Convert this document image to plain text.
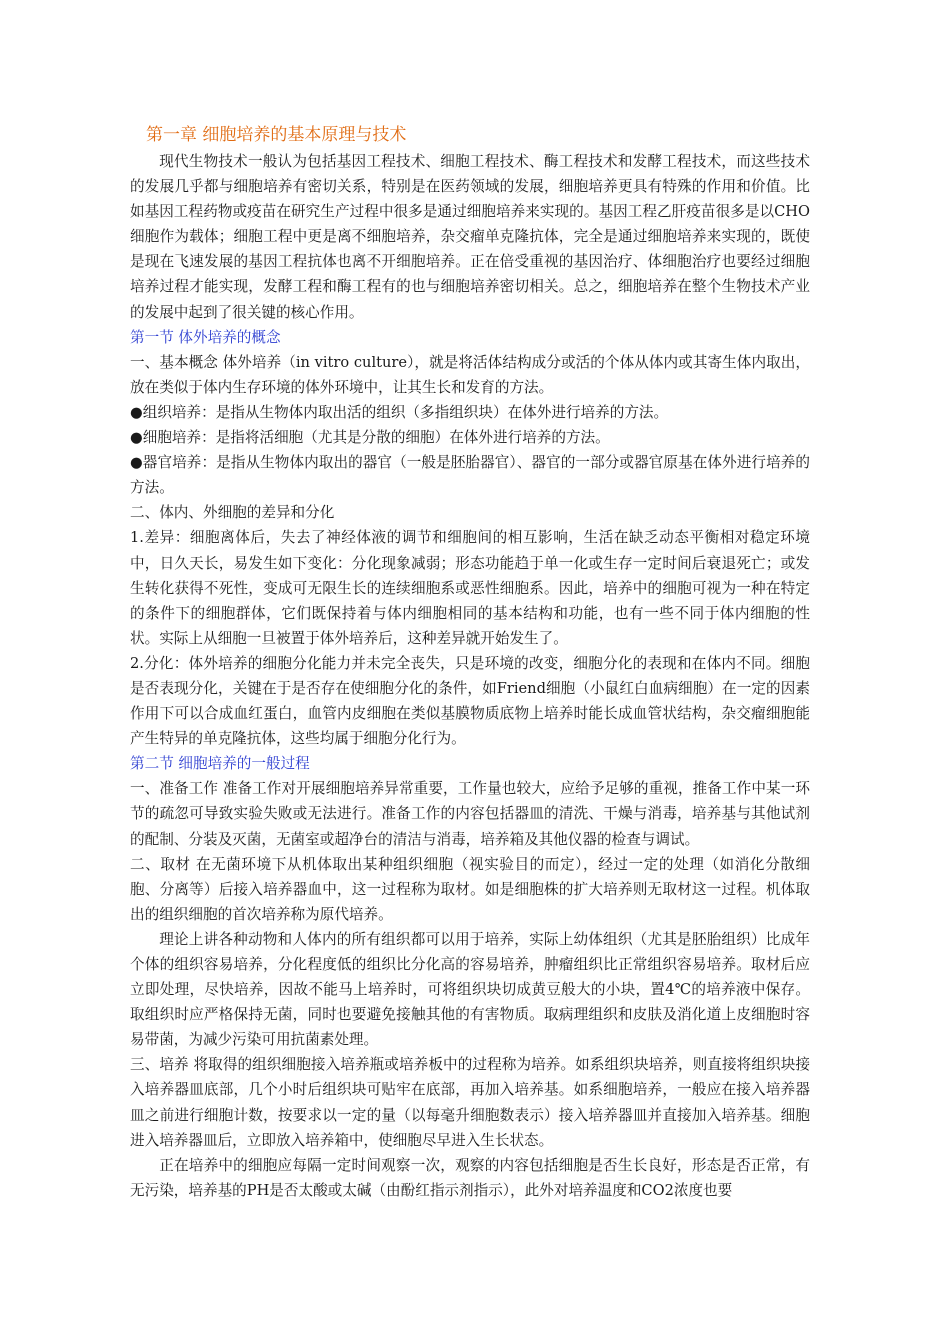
第一章 细胞培养的基本原理与技术

现代生物技术一般认为包括基因工程技术、细胞工程技术、酶工程技术和发酵工程技术，而这些技术的发展几乎都与细胞培养有密切关系，特别是在医药领域的发展，细胞培养更具有特殊的作用和价值。比如基因工程药物或疫苗在研究生产过程中很多是通过细胞培养来实现的。基因工程乙肝疫苗很多是以CHO细胞作为载体；细胞工程中更是离不细胞培养，杂交瘤单克隆抗体，完全是通过细胞培养来实现的，既使是现在飞速发展的基因工程抗体也离不开细胞培养。正在倍受重视的基因治疗、体细胞治疗也要经过细胞培养过程才能实现，发酵工程和酶工程有的也与细胞培养密切相关。总之，细胞培养在整个生物技术产业的发展中起到了很关键的核心作用。

第一节 体外培养的概念

一、基本概念 体外培养（in vitro culture），就是将活体结构成分或活的个体从体内或其寄生体内取出，放在类似于体内生存环境的体外环境中，让其生长和发育的方法。

●组织培养：是指从生物体内取出活的组织（多指组织块）在体外进行培养的方法。

●细胞培养：是指将活细胞（尤其是分散的细胞）在体外进行培养的方法。

●器官培养：是指从生物体内取出的器官（一般是胚胎器官）、器官的一部分或器官原基在体外进行培养的方法。

二、体内、外细胞的差异和分化

1.差异：细胞离体后，失去了神经体液的调节和细胞间的相互影响，生活在缺乏动态平衡相对稳定环境中，日久天长，易发生如下变化：分化现象减弱；形态功能趋于单一化或生存一定时间后衰退死亡；或发生转化获得不死性，变成可无限生长的连续细胞系或恶性细胞系。因此，培养中的细胞可视为一种在特定的条件下的细胞群体，它们既保持着与体内细胞相同的基本结构和功能，也有一些不同于体内细胞的性状。实际上从细胞一旦被置于体外培养后，这种差异就开始发生了。

2.分化：体外培养的细胞分化能力并未完全丧失，只是环境的改变，细胞分化的表现和在体内不同。细胞是否表现分化，关键在于是否存在使细胞分化的条件，如Friend细胞（小鼠红白血病细胞）在一定的因素作用下可以合成血红蛋白，血管内皮细胞在类似基膜物质底物上培养时能长成血管状结构，杂交瘤细胞能产生特异的单克隆抗体，这些均属于细胞分化行为。

第二节 细胞培养的一般过程

一、准备工作 准备工作对开展细胞培养异常重要，工作量也较大，应给予足够的重视，推备工作中某一环节的疏忽可导致实验失败或无法进行。准备工作的内容包括器皿的清洗、干燥与消毒，培养基与其他试剂的配制、分装及灭菌，无菌室或超净台的清洁与消毒，培养箱及其他仪器的检查与调试。

二、取材 在无菌环境下从机体取出某种组织细胞（视实验目的而定），经过一定的处理（如消化分散细胞、分离等）后接入培养器血中，这一过程称为取材。如是细胞株的扩大培养则无取材这一过程。机体取出的组织细胞的首次培养称为原代培养。

理论上讲各种动物和人体内的所有组织都可以用于培养，实际上幼体组织（尤其是胚胎组织）比成年个体的组织容易培养，分化程度低的组织比分化高的容易培养，肿瘤组织比正常组织容易培养。取材后应立即处理，尽快培养，因故不能马上培养时，可将组织块切成黄豆般大的小块，置4℃的培养液中保存。取组织时应严格保持无菌，同时也要避免接触其他的有害物质。取病理组织和皮肤及消化道上皮细胞时容易带菌，为减少污染可用抗菌素处理。

三、培养 将取得的组织细胞接入培养瓶或培养板中的过程称为培养。如系组织块培养，则直接将组织块接入培养器皿底部，几个小时后组织块可贴牢在底部，再加入培养基。如系细胞培养，一般应在接入培养器皿之前进行细胞计数，按要求以一定的量（以每毫升细胞数表示）接入培养器皿并直接加入培养基。细胞进入培养器皿后，立即放入培养箱中，使细胞尽早进入生长状态。

正在培养中的细胞应每隔一定时间观察一次，观察的内容包括细胞是否生长良好，形态是否正常，有无污染，培养基的PH是否太酸或太碱（由酚红指示剂指示），此外对培养温度和CO2浓度也要
